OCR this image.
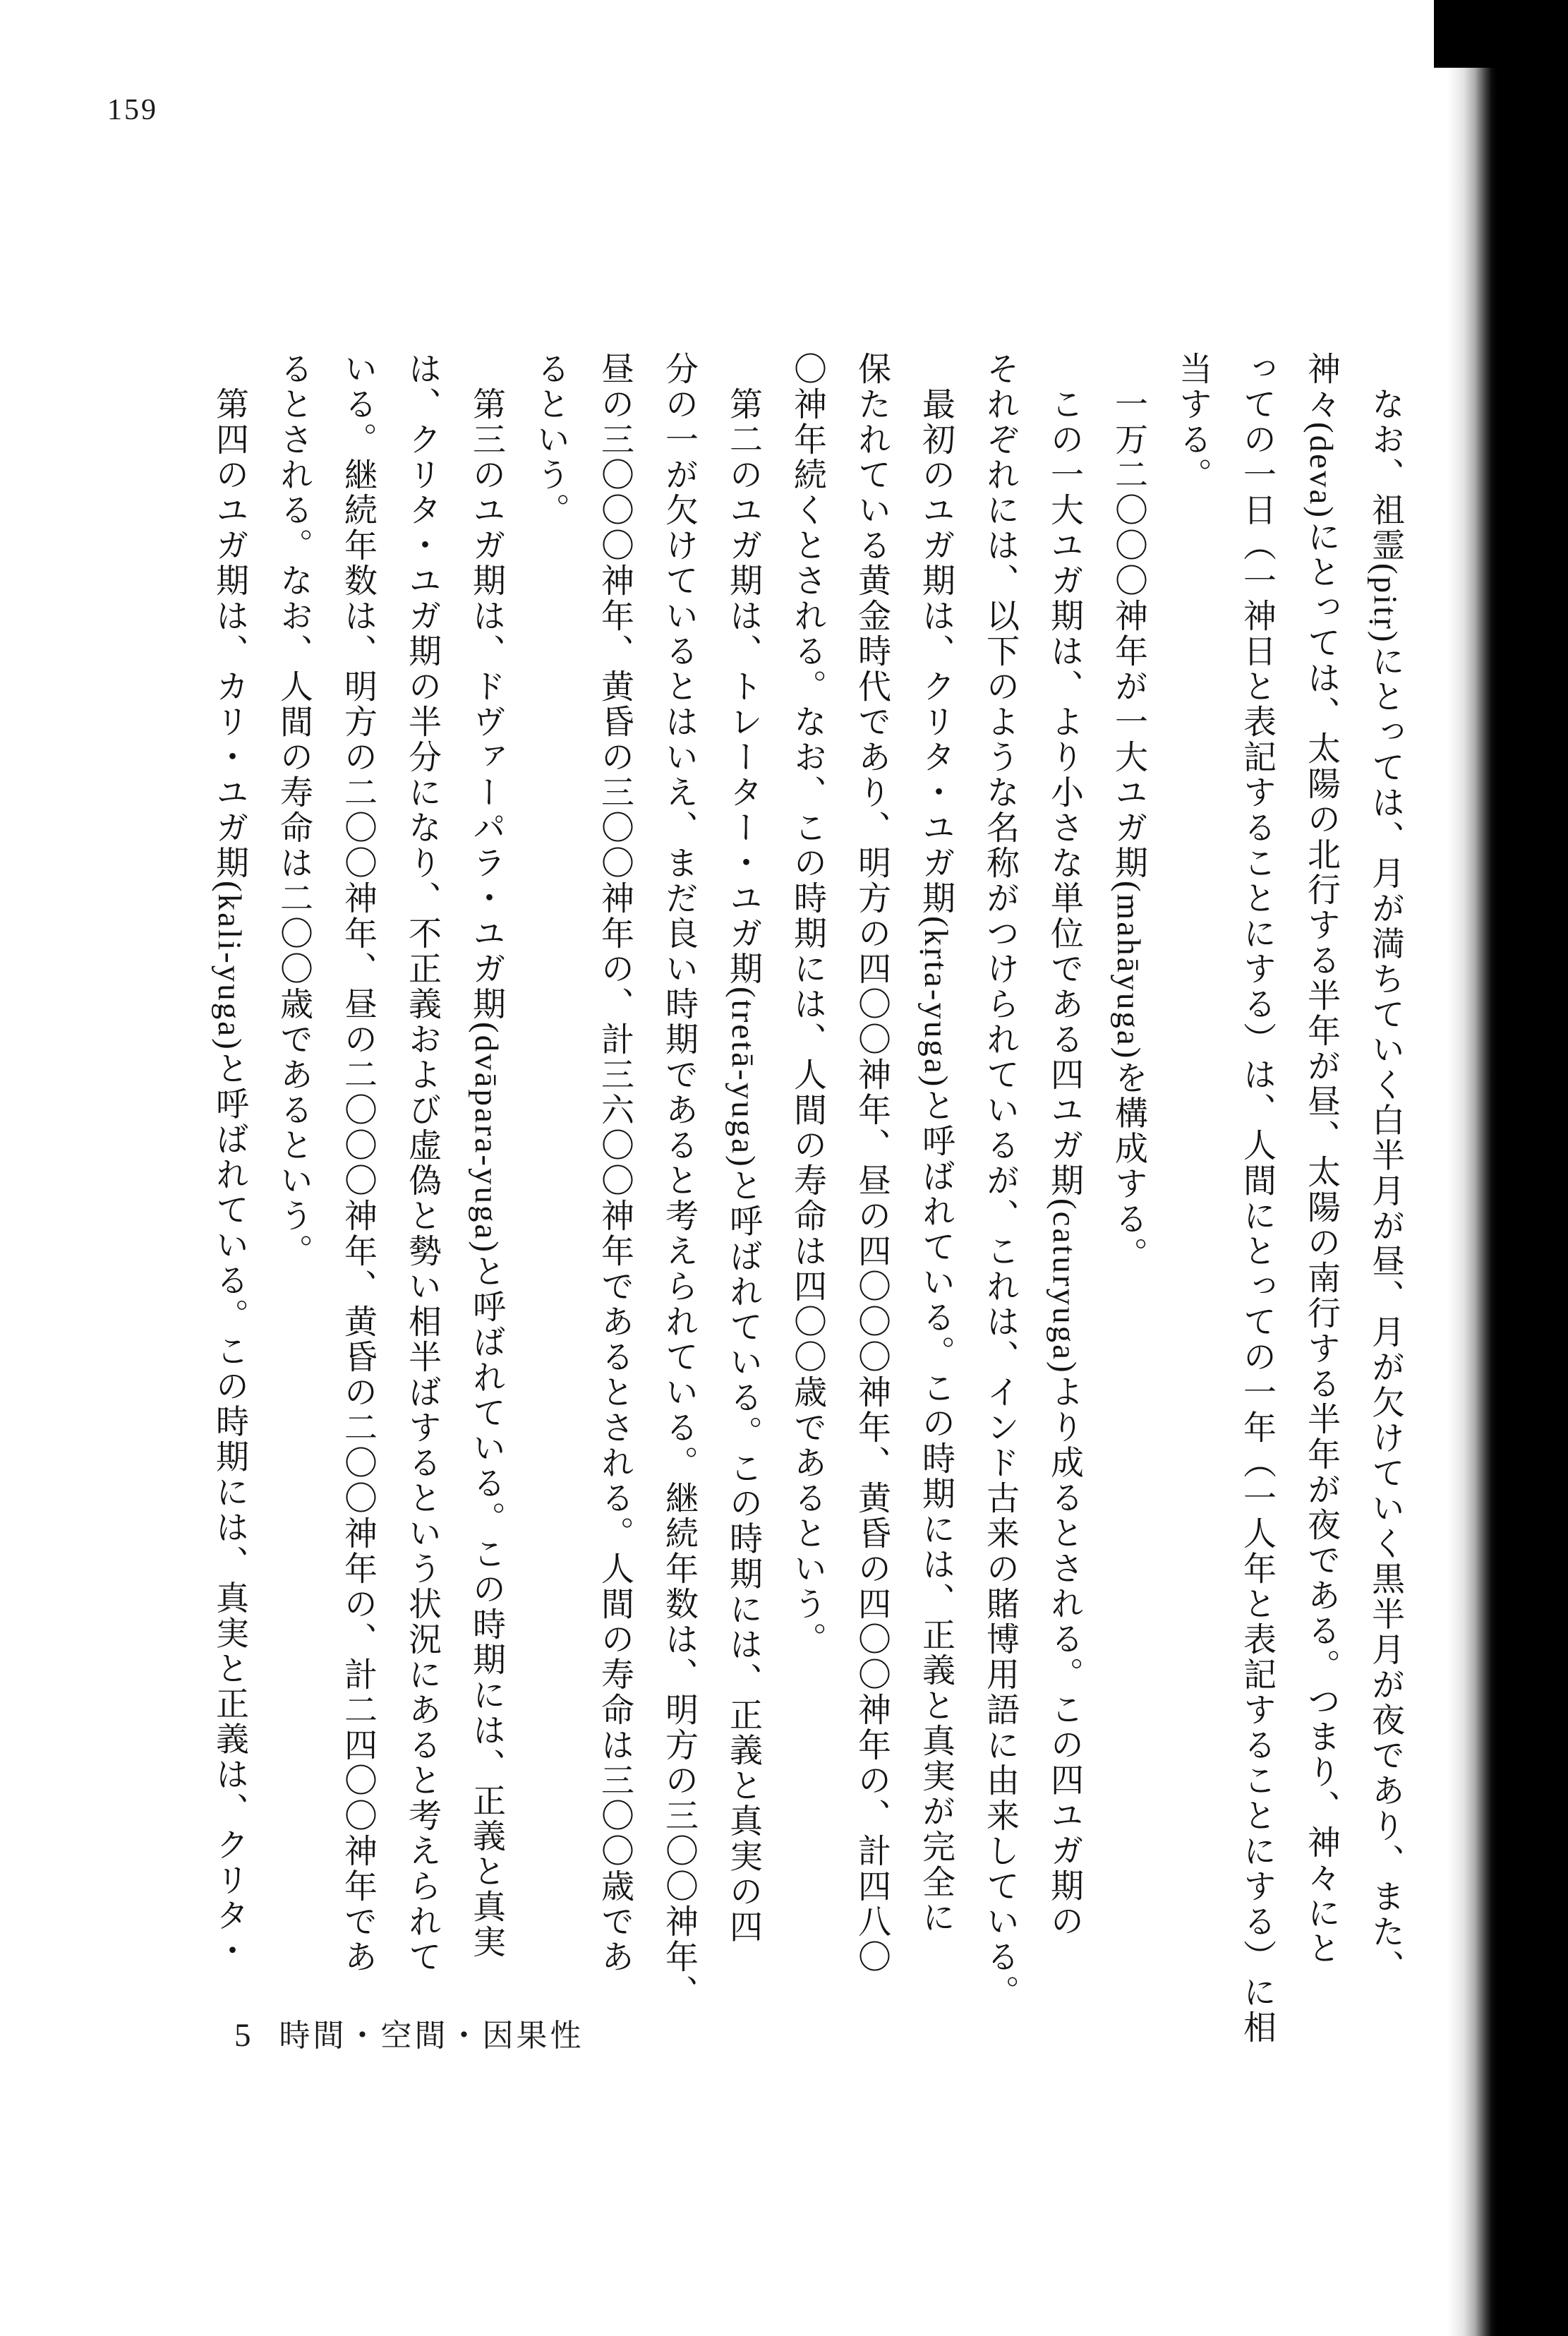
159
なお、祖霊(pitṛ)にとっては、月が満ちていく白半月が昼、月が欠けていく黒半月が夜であり、また、
神々(deva)にとっては、太陽の北行する半年が昼、太陽の南行する半年が夜である。つまり、神々にと
っての一日（一神日と表記することにする）は、人間にとっての一年（一人年と表記することにする）に相
当する。
一万二〇〇〇神年が一大ユガ期(mahāyuga)を構成する。
この一大ユガ期は、より小さな単位である四ユガ期(caturyuga)より成るとされる。この四ユガ期の
それぞれには、以下のような名称がつけられているが、これは、インド古来の賭博用語に由来している。
最初のユガ期は、クリタ・ユガ期(kṛta-yuga)と呼ばれている。この時期には、正義と真実が完全に
保たれている黄金時代であり、明方の四〇〇神年、昼の四〇〇〇神年、黄昏の四〇〇神年の、計四八〇
〇神年続くとされる。なお、この時期には、人間の寿命は四〇〇歳であるという。
第二のユガ期は、トレーター・ユガ期(tretā-yuga)と呼ばれている。この時期には、正義と真実の四
分の一が欠けているとはいえ、まだ良い時期であると考えられている。継続年数は、明方の三〇〇神年、
昼の三〇〇〇神年、黄昏の三〇〇神年の、計三六〇〇神年であるとされる。人間の寿命は三〇〇歳であ
るという。
第三のユガ期は、ドヴァーパラ・ユガ期(dvāpara-yuga)と呼ばれている。この時期には、正義と真実
は、クリタ・ユガ期の半分になり、不正義および虚偽と勢い相半ばするという状況にあると考えられて
いる。継続年数は、明方の二〇〇神年、昼の二〇〇〇神年、黄昏の二〇〇神年の、計二四〇〇神年であ
るとされる。なお、人間の寿命は二〇〇歳であるという。
第四のユガ期は、カリ・ユガ期(kali-yuga)と呼ばれている。この時期には、真実と正義は、クリタ・
5 時間・空間・因果性
